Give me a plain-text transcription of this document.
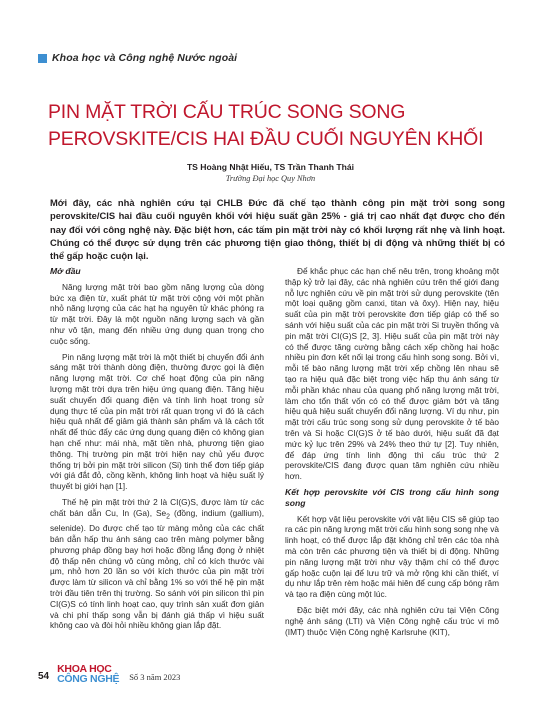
Khoa học và Công nghệ Nước ngoài
PIN MẶT TRỜI CẤU TRÚC SONG SONG
PEROVSKITE/CIS HAI ĐẦU CUỐI NGUYÊN KHỐI
TS Hoàng Nhật Hiếu, TS Trần Thanh Thái
Trường Đại học Quy Nhơn
Mới đây, các nhà nghiên cứu tại CHLB Đức đã chế tạo thành công pin mặt trời song song perovskite/CIS hai đầu cuối nguyên khối với hiệu suất gần 25% - giá trị cao nhất đạt được cho đến nay đối với công nghệ này. Đặc biệt hơn, các tấm pin mặt trời này có khối lượng rất nhẹ và linh hoạt. Chúng có thể được sử dụng trên các phương tiện giao thông, thiết bị di động và những thiết bị có thể gấp hoặc cuộn lại.
Mở đầu

Năng lượng mặt trời bao gồm năng lượng của dòng bức xạ điện từ, xuất phát từ mặt trời cộng với một phần nhỏ năng lượng của các hạt hạ nguyên tử khác phóng ra từ mặt trời. Đây là một nguồn năng lượng sạch và gần như vô tận, mang đến nhiều ứng dụng quan trọng cho cuộc sống.

Pin năng lượng mặt trời là một thiết bị chuyển đổi ánh sáng mặt trời thành dòng điện, thường được gọi là điện năng lượng mặt trời. Cơ chế hoạt động của pin năng lượng mặt trời dựa trên hiệu ứng quang điện. Tăng hiệu suất chuyển đổi quang điện và tính linh hoạt trong sử dụng thực tế của pin mặt trời rất quan trọng vì đó là cách hiệu quả nhất để giảm giá thành sản phẩm và là cách tốt nhất để thúc đẩy các ứng dụng quang điện có không gian hạn chế như: mái nhà, mặt tiền nhà, phương tiện giao thông. Thị trường pin mặt trời hiện nay chủ yếu được thống trị bởi pin mặt trời silicon (Si) tinh thể đơn tiếp giáp với giá đắt đỏ, cồng kềnh, không linh hoạt và hiệu suất lý thuyết bị giới hạn [1].

Thế hệ pin mặt trời thứ 2 là CI(G)S, được làm từ các chất bán dẫn Cu, In (Ga), $Se_2$ (đồng, indium (gallium), selenide). Do được chế tạo từ màng mỏng của các chất bán dẫn hấp thu ánh sáng cao trên màng polymer bằng phương pháp đồng bay hơi hoặc đồng lắng đọng ở nhiệt độ thấp nên chúng vô cùng mỏng, chỉ có kích thước vài µm, nhỏ hơn 20 lần so với kích thước của pin mặt trời được làm từ silicon và chỉ bằng 1% so với thế hệ pin mặt trời đầu tiên trên thị trường. So sánh với pin silicon thì pin CI(G)S có tính linh hoạt cao, quy trình sản xuất đơn giản và chi phí thấp song vẫn bị đánh giá thấp vì hiệu suất không cao và đòi hỏi nhiều không gian lắp đặt.

Để khắc phục các hạn chế nêu trên, trong khoảng một thập kỷ trở lại đây, các nhà nghiên cứu trên thế giới đang nỗ lực nghiên cứu về pin mặt trời sử dụng perovskite (tên một loại quặng gồm canxi, titan và ôxy). Hiện nay, hiệu suất của pin mặt trời perovskite đơn tiếp giáp có thể so sánh với hiệu suất của các pin mặt trời Si truyền thống và pin mặt trời CI(G)S [2, 3]. Hiệu suất của pin mặt trời này có thể được tăng cường bằng cách xếp chồng hai hoặc nhiều pin đơn kết nối lại trong cấu hình song song. Bởi vì, mỗi tế bào năng lượng mặt trời xếp chồng lên nhau sẽ tạo ra hiệu quả đặc biệt trong việc hấp thụ ánh sáng từ mỗi phần khác nhau của quang phổ năng lượng mặt trời, làm cho tổn thất vốn có có thể được giảm bớt và tăng hiệu quả hiệu suất chuyển đổi năng lượng. Ví dụ như, pin mặt trời cấu trúc song song sử dụng perovskite ở tế bào trên và Si hoặc CI(G)S ở tế bào dưới, hiệu suất đã đạt mức kỷ lục trên 29% và 24% theo thứ tự [2]. Tuy nhiên, để đáp ứng tính linh động thì cấu trúc thứ 2 perovskite/CIS đang được quan tâm nghiên cứu nhiều hơn.

Kết hợp perovskite với CIS trong cấu hình song song

Kết hợp vật liệu perovskite với vật liệu CIS sẽ giúp tạo ra các pin năng lượng mặt trời cấu hình song song nhẹ và linh hoạt, có thể được lắp đặt không chỉ trên các tòa nhà mà còn trên các phương tiện và thiết bị di động. Những pin năng lượng mặt trời như vậy thậm chí có thể được gấp hoặc cuộn lại để lưu trữ và mở rộng khi cần thiết, ví dụ như lắp trên rèm hoặc mái hiên để cung cấp bóng râm và tạo ra điện cùng một lúc.

Đặc biệt mới đây, các nhà nghiên cứu tại Viện Công nghệ ánh sáng (LTI) và Viện Công nghệ cấu trúc vi mô (IMT) thuộc Viện Công nghệ Karlsruhe (KIT),

54
KHOA HỌC
CÔNG NGHỆ Số 3 năm 2023
